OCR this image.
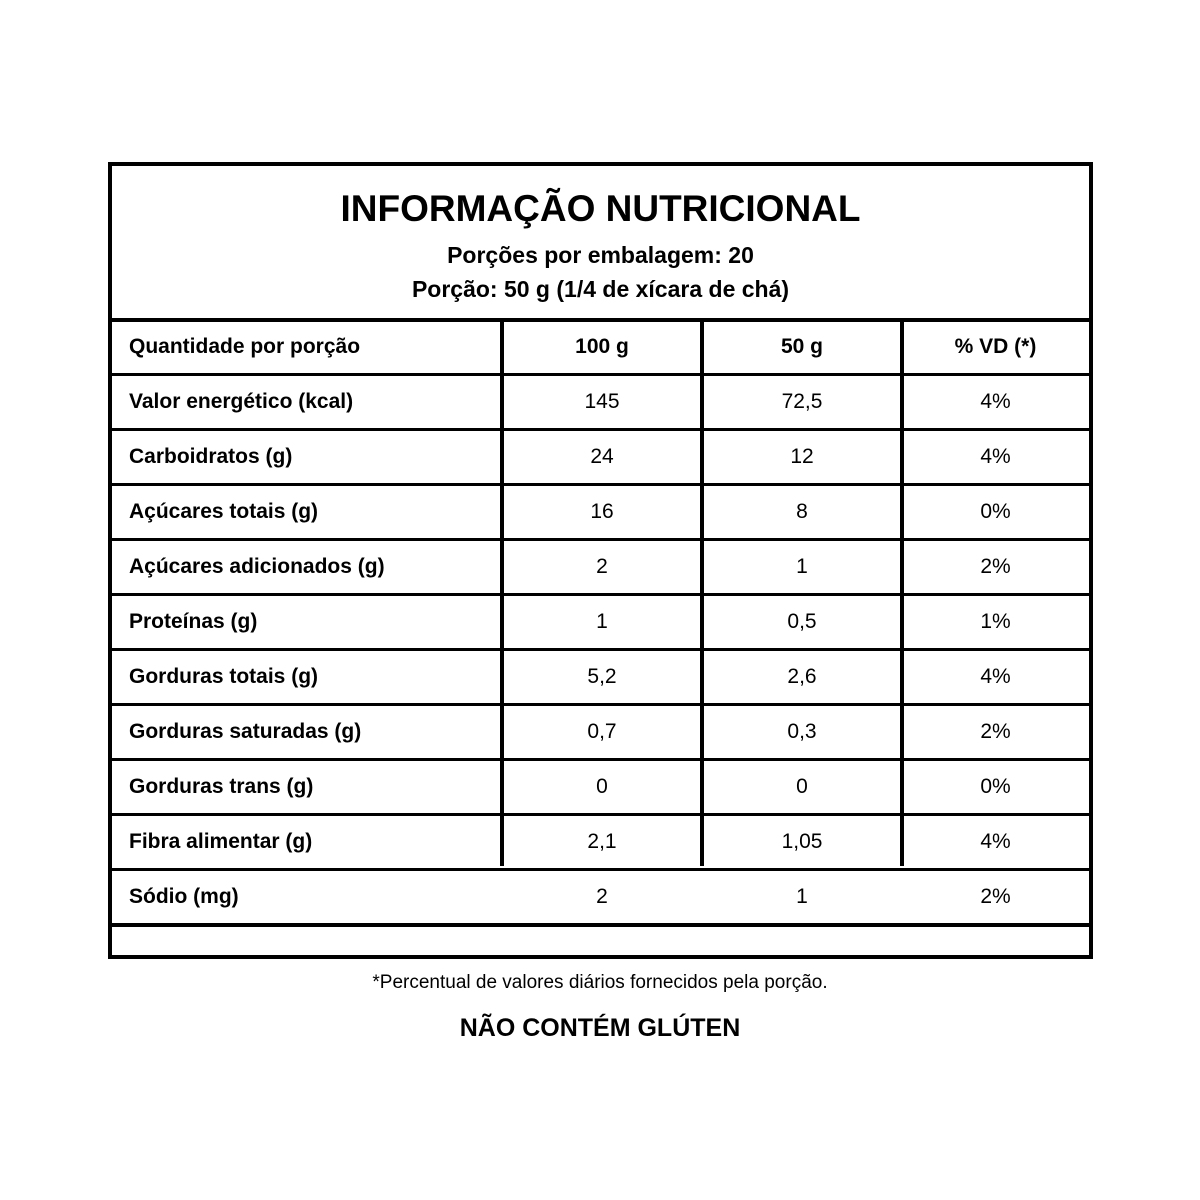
INFORMAÇÃO NUTRICIONAL
Porções por embalagem: 20
Porção: 50 g (1/4 de xícara de chá)
Quantidade por porção	100 g	50 g	% VD (*)
Valor energético (kcal)	145	72,5	4%
Carboidratos (g)	24	12	4%
Açúcares totais (g)	16	8	0%
Açúcares adicionados (g)	2	1	2%
Proteínas (g)	1	0,5	1%
Gorduras totais (g)	5,2	2,6	4%
Gorduras saturadas (g)	0,7	0,3	2%
Gorduras trans (g)	0	0	0%
Fibra alimentar (g)	2,1	1,05	4%
Sódio (mg)	2	1	2%
*Percentual de valores diários fornecidos pela porção.
NÃO CONTÉM GLÚTEN
